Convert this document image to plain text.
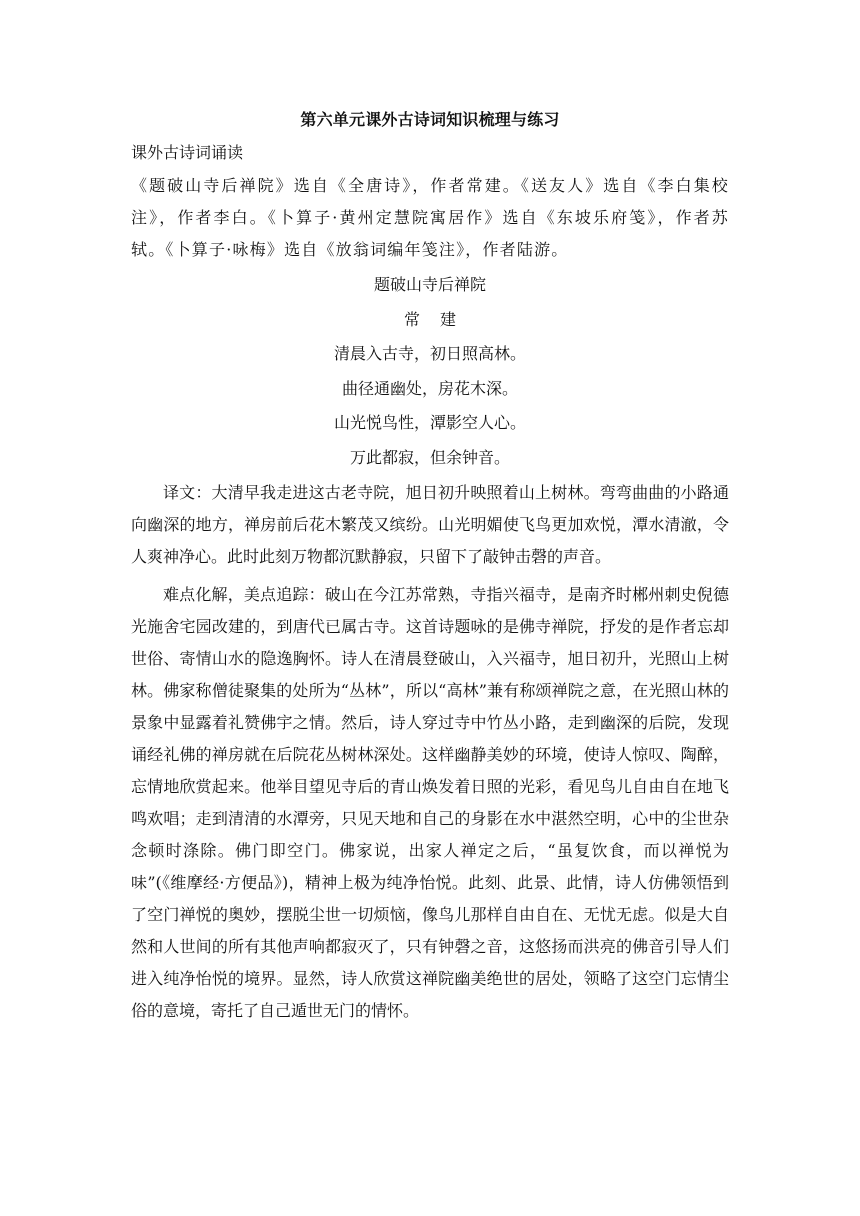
第六单元课外古诗词知识梳理与练习
课外古诗词诵读

《题破山寺后禅院》选自《全唐诗》，作者常建。《送友人》选自《李白集校注》，作者李白。《卜算子·黄州定慧院寓居作》选自《东坡乐府笺》，作者苏轼。《卜算子·咏梅》选自《放翁词编年笺注》，作者陆游。

题破山寺后禅院

常建

清晨入古寺，初日照高林。

曲径通幽处，房花木深。

山光悦鸟性，潭影空人心。

万此都寂，但余钟音。

译文：大清早我走进这古老寺院，旭日初升映照着山上树林。弯弯曲曲的小路通向幽深的地方，禅房前后花木繁茂又缤纷。山光明媚使飞鸟更加欢悦，潭水清澈，令人爽神净心。此时此刻万物都沉默静寂，只留下了敲钟击磬的声音。

难点化解，美点追踪：破山在今江苏常熟，寺指兴福寺，是南齐时郴州刺史倪德光施舍宅园改建的，到唐代已属古寺。这首诗题咏的是佛寺禅院，抒发的是作者忘却世俗、寄情山水的隐逸胸怀。诗人在清晨登破山，入兴福寺，旭日初升，光照山上树林。佛家称僧徒聚集的处所为“丛林”，所以“高林”兼有称颂禅院之意，在光照山林的景象中显露着礼赞佛宇之情。然后，诗人穿过寺中竹丛小路，走到幽深的后院，发现诵经礼佛的禅房就在后院花丛树林深处。这样幽静美妙的环境，使诗人惊叹、陶醉，忘情地欣赏起来。他举目望见寺后的青山焕发着日照的光彩，看见鸟儿自由自在地飞鸣欢唱；走到清清的水潭旁，只见天地和自己的身影在水中湛然空明，心中的尘世杂念顿时涤除。佛门即空门。佛家说，出家人禅定之后，“虽复饮食，而以禅悦为味”(《维摩经·方便品》)，精神上极为纯净怡悦。此刻、此景、此情，诗人仿佛领悟到了空门禅悦的奥妙，摆脱尘世一切烦恼，像鸟儿那样自由自在、无忧无虑。似是大自然和人世间的所有其他声响都寂灭了，只有钟磬之音，这悠扬而洪亮的佛音引导人们进入纯净怡悦的境界。显然，诗人欣赏这禅院幽美绝世的居处，领略了这空门忘情尘俗的意境，寄托了自己遁世无门的情怀。
